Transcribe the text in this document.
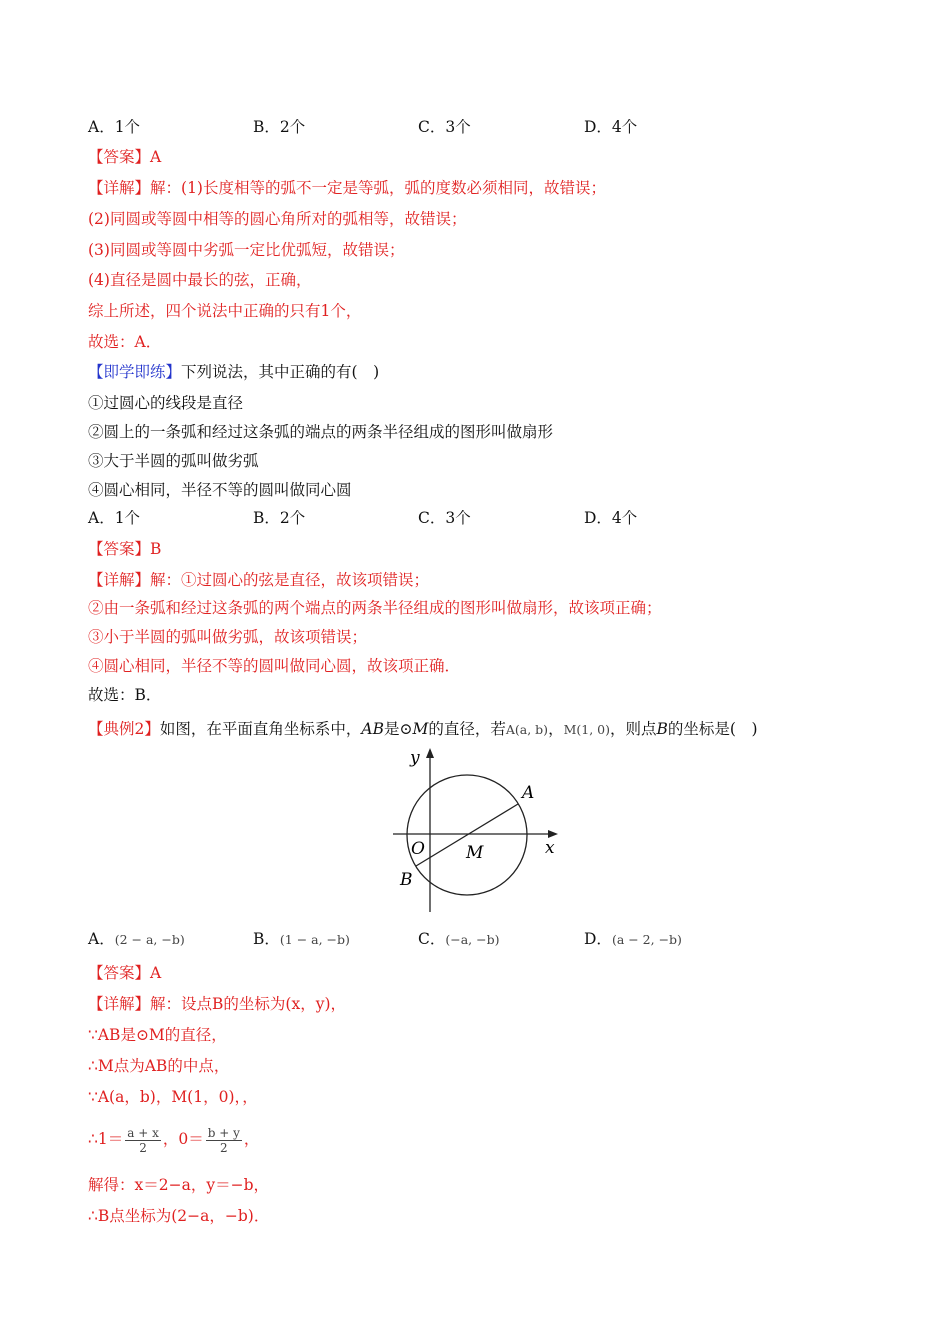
A．1个	B．2个	C．3个	D．4个
【答案】A
【详解】解：(1)长度相等的弧不一定是等弧，弧的度数必须相同，故错误；
(2)同圆或等圆中相等的圆心角所对的弧相等，故错误；
(3)同圆或等圆中劣弧一定比优弧短，故错误；
(4)直径是圆中最长的弦，正确，
综上所述，四个说法中正确的只有1个，
故选：A．
【即学即练】下列说法，其中正确的有(　)
①过圆心的线段是直径
②圆上的一条弧和经过这条弧的端点的两条半径组成的图形叫做扇形
③大于半圆的弧叫做劣弧
④圆心相同，半径不等的圆叫做同心圆
A．1个	B．2个	C．3个	D．4个
【答案】B
【详解】解：①过圆心的弦是直径，故该项错误；
②由一条弧和经过这条弧的两个端点的两条半径组成的图形叫做扇形，故该项正确；
③小于半圆的弧叫做劣弧，故该项错误；
④圆心相同，半径不等的圆叫做同心圆，故该项正确．
故选：B．
【典例2】如图，在平面直角坐标系中，AB是⊙M的直径，若A(a, b)，M(1, 0)，则点B的坐标是(　)
y
x
A
O M
B
A．(2 − a, −b)	B．(1 − a, −b)	C．(−a, −b)	D．(a − 2, −b)
【答案】A
【详解】解：设点B的坐标为(x，y)，
∵AB是⊙M的直径，
∴M点为AB的中点，
∵A(a，b)，M(1，0)，，
∴1＝ $\frac{a + x}{2}$ ，$0= \frac{b + y}{2}$ ，
解得：x＝2−a，y＝−b，
∴B点坐标为(2−a，−b)．
